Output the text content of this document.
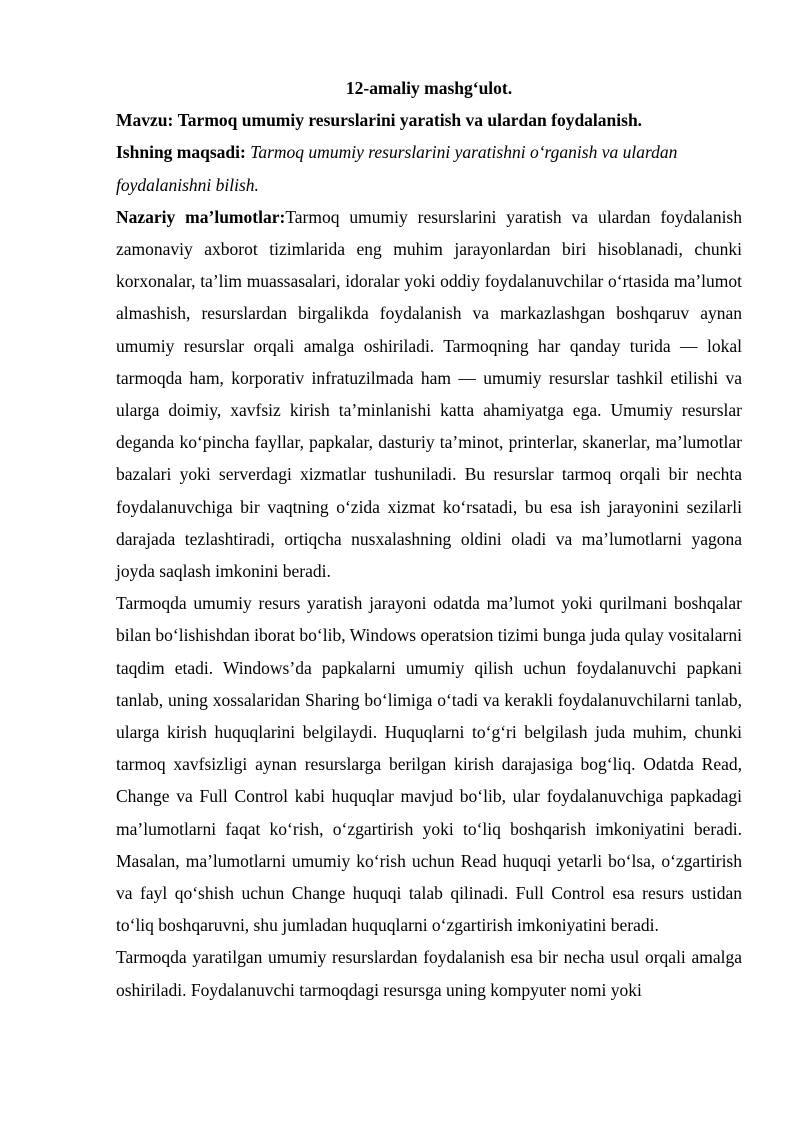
12-amaliy mashg‘ulot.

Mavzu: Tarmoq umumiy resurslarini yaratish va ulardan foydalanish.

Ishning maqsadi: Tarmoq umumiy resurslarini yaratishni o‘rganish va ulardan foydalanishni bilish.

Nazariy ma’lumotlar:Tarmoq umumiy resurslarini yaratish va ulardan foydalanish zamonaviy axborot tizimlarida eng muhim jarayonlardan biri hisoblanadi, chunki korxonalar, ta’lim muassasalari, idoralar yoki oddiy foydalanuvchilar o‘rtasida ma’lumot almashish, resurslardan birgalikda foydalanish va markazlashgan boshqaruv aynan umumiy resurslar orqali amalga oshiriladi. Tarmoqning har qanday turida — lokal tarmoqda ham, korporativ infratuzilmada ham — umumiy resurslar tashkil etilishi va ularga doimiy, xavfsiz kirish ta’minlanishi katta ahamiyatga ega. Umumiy resurslar deganda ko‘pincha fayllar, papkalar, dasturiy ta’minot, printerlar, skanerlar, ma’lumotlar bazalari yoki serverdagi xizmatlar tushuniladi. Bu resurslar tarmoq orqali bir nechta foydalanuvchiga bir vaqtning o‘zida xizmat ko‘rsatadi, bu esa ish jarayonini sezilarli darajada tezlashtiradi, ortiqcha nusxalashning oldini oladi va ma’lumotlarni yagona joyda saqlash imkonini beradi.

Tarmoqda umumiy resurs yaratish jarayoni odatda ma’lumot yoki qurilmani boshqalar bilan bo‘lishishdan iborat bo‘lib, Windows operatsion tizimi bunga juda qulay vositalarni taqdim etadi. Windows’da papkalarni umumiy qilish uchun foydalanuvchi papkani tanlab, uning xossalaridan Sharing bo‘limiga o‘tadi va kerakli foydalanuvchilarni tanlab, ularga kirish huquqlarini belgilaydi. Huquqlarni to‘g‘ri belgilash juda muhim, chunki tarmoq xavfsizligi aynan resurslarga berilgan kirish darajasiga bog‘liq. Odatda Read, Change va Full Control kabi huquqlar mavjud bo‘lib, ular foydalanuvchiga papkadagi ma’lumotlarni faqat ko‘rish, o‘zgartirish yoki to‘liq boshqarish imkoniyatini beradi. Masalan, ma’lumotlarni umumiy ko‘rish uchun Read huquqi yetarli bo‘lsa, o‘zgartirish va fayl qo‘shish uchun Change huquqi talab qilinadi. Full Control esa resurs ustidan to‘liq boshqaruvni, shu jumladan huquqlarni o‘zgartirish imkoniyatini beradi.

Tarmoqda yaratilgan umumiy resurslardan foydalanish esa bir necha usul orqali amalga oshiriladi. Foydalanuvchi tarmoqdagi resursga uning kompyuter nomi yoki
